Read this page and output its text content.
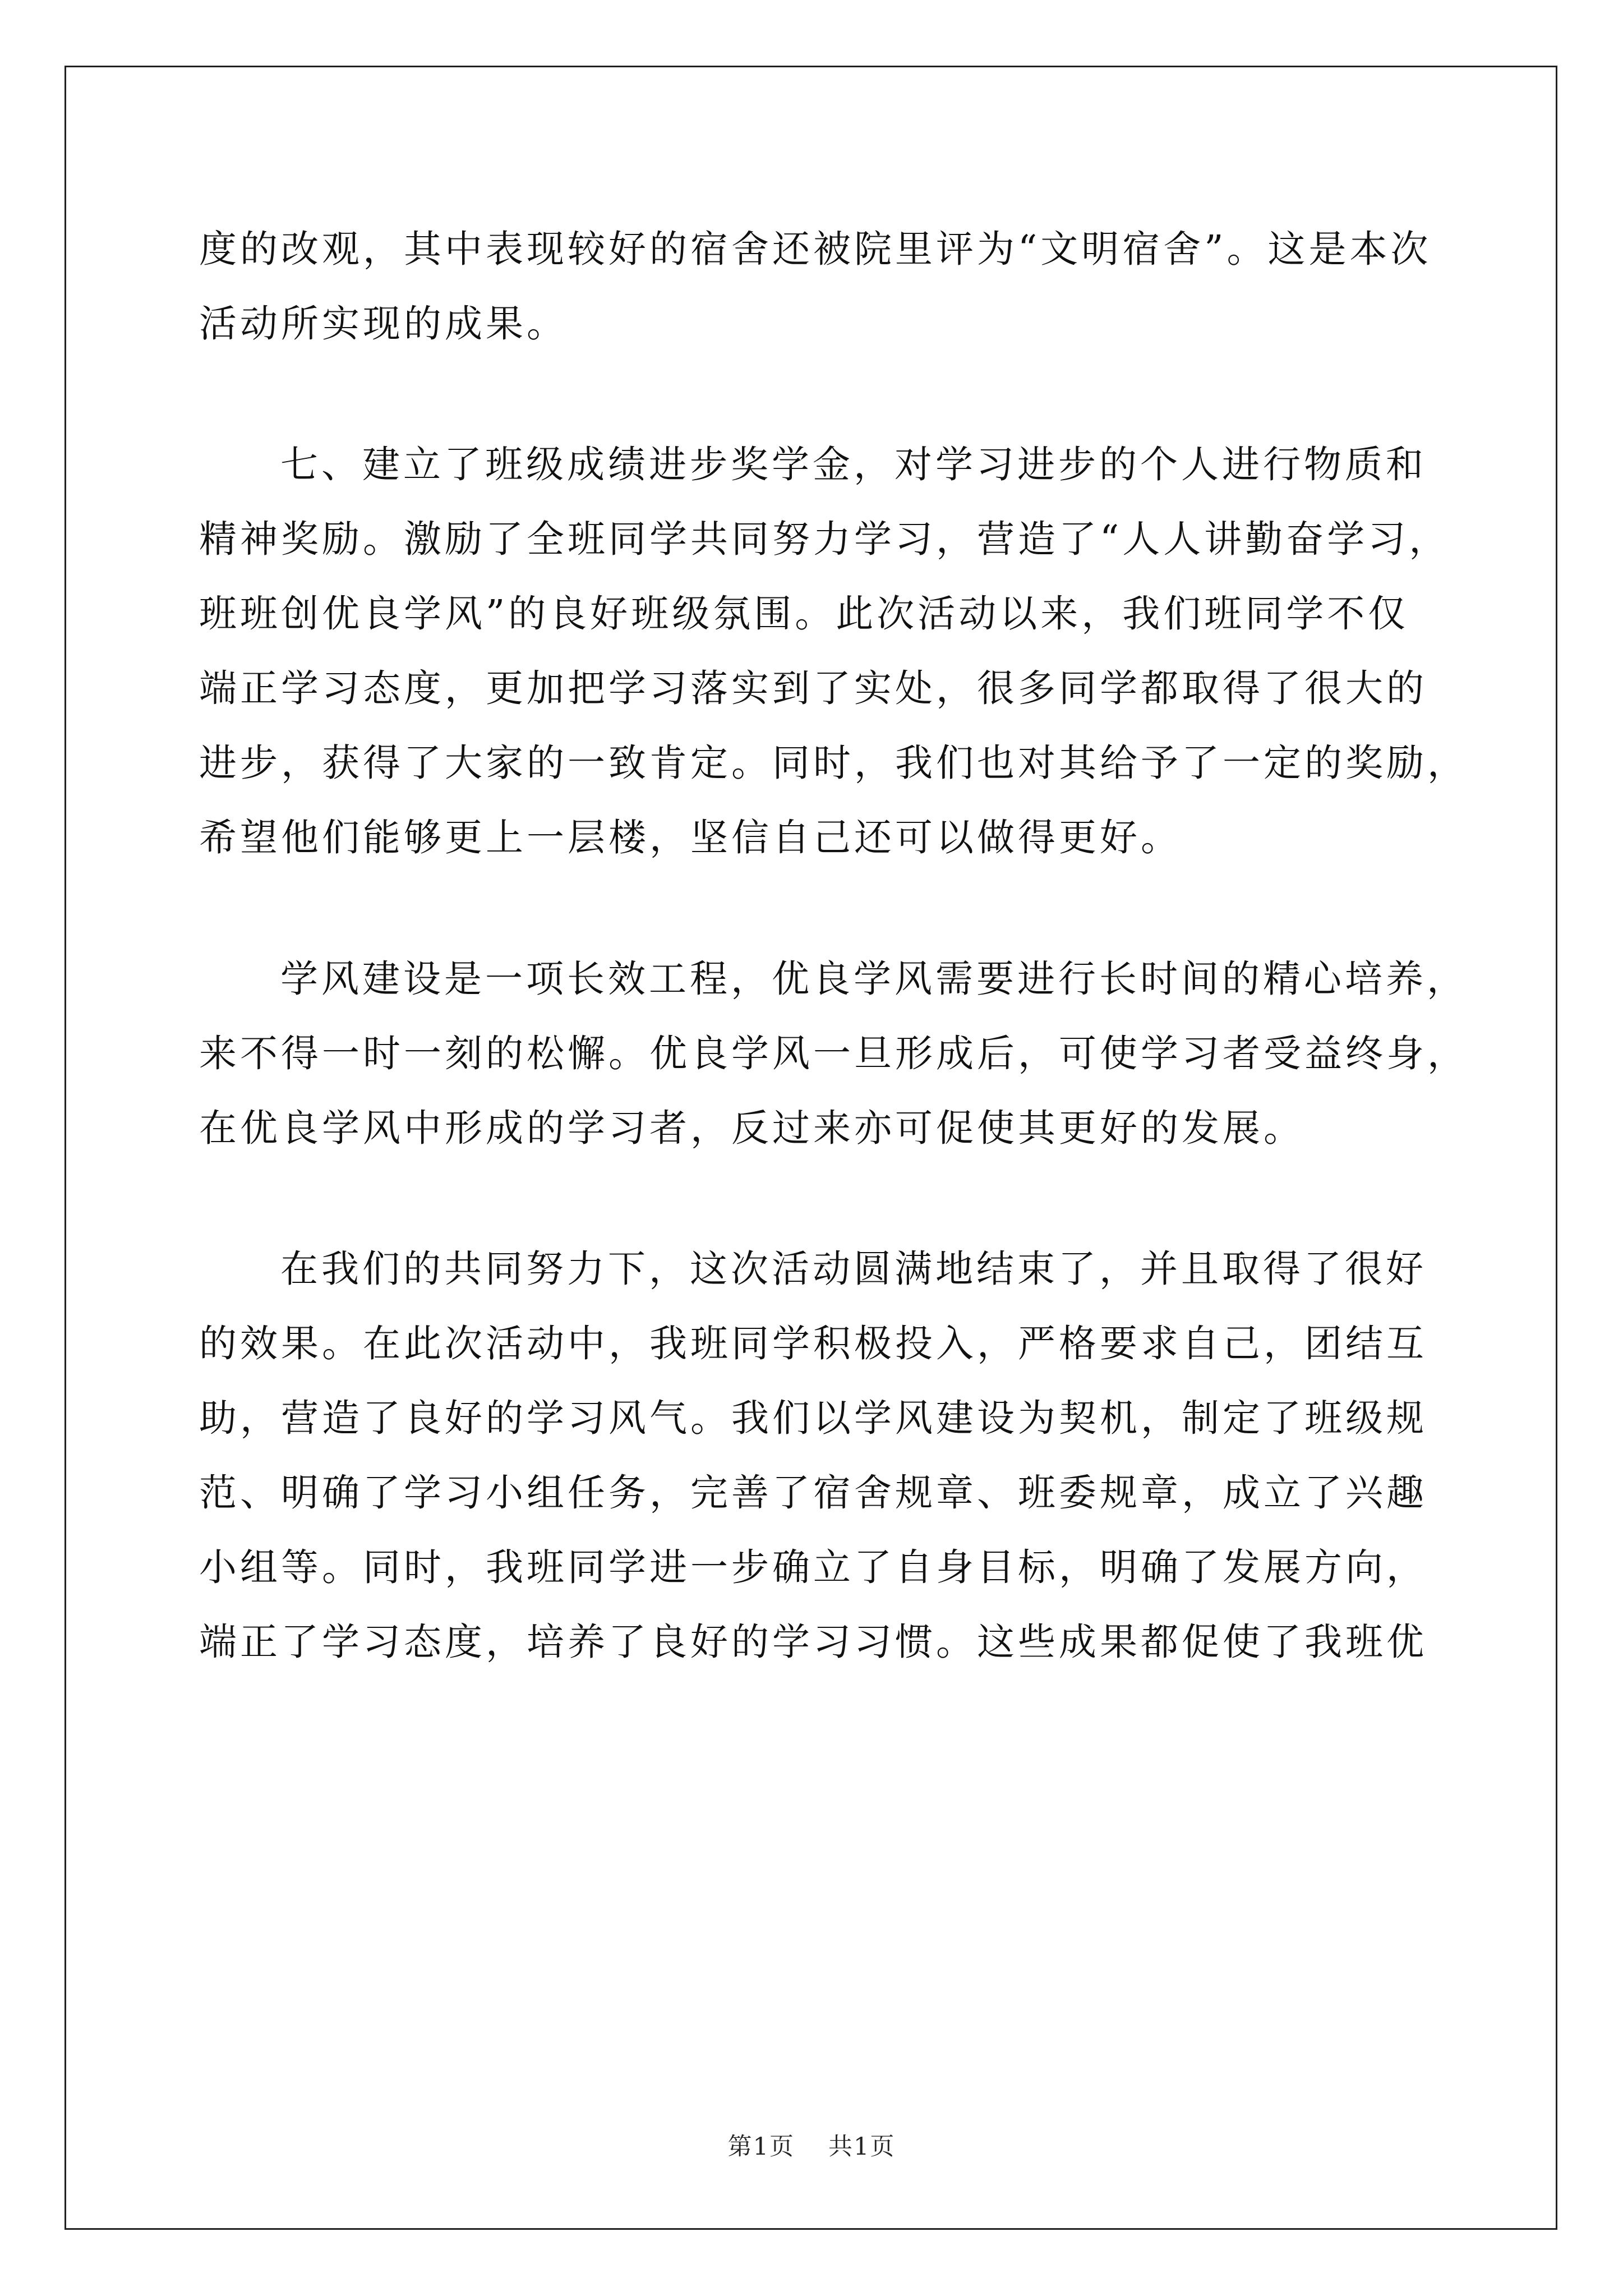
度的改观，其中表现较好的宿舍还被院里评为“文明宿舍”。这是本次

活动所实现的成果。

七、建立了班级成绩进步奖学金，对学习进步的个人进行物质和

精神奖励。激励了全班同学共同努力学习，营造了“人人讲勤奋学习，

班班创优良学风”的良好班级氛围。此次活动以来，我们班同学不仅

端正学习态度，更加把学习落实到了实处，很多同学都取得了很大的

进步，获得了大家的一致肯定。同时，我们也对其给予了一定的奖励，

希望他们能够更上一层楼，坚信自己还可以做得更好。

学风建设是一项长效工程，优良学风需要进行长时间的精心培养，

来不得一时一刻的松懈。优良学风一旦形成后，可使学习者受益终身，

在优良学风中形成的学习者，反过来亦可促使其更好的发展。

在我们的共同努力下，这次活动圆满地结束了，并且取得了很好

的效果。在此次活动中，我班同学积极投入，严格要求自己，团结互

助，营造了良好的学习风气。我们以学风建设为契机，制定了班级规

范、明确了学习小组任务，完善了宿舍规章、班委规章，成立了兴趣

小组等。同时，我班同学进一步确立了自身目标，明确了发展方向，

端正了学习态度，培养了良好的学习习惯。这些成果都促使了我班优

第1页 共1页
